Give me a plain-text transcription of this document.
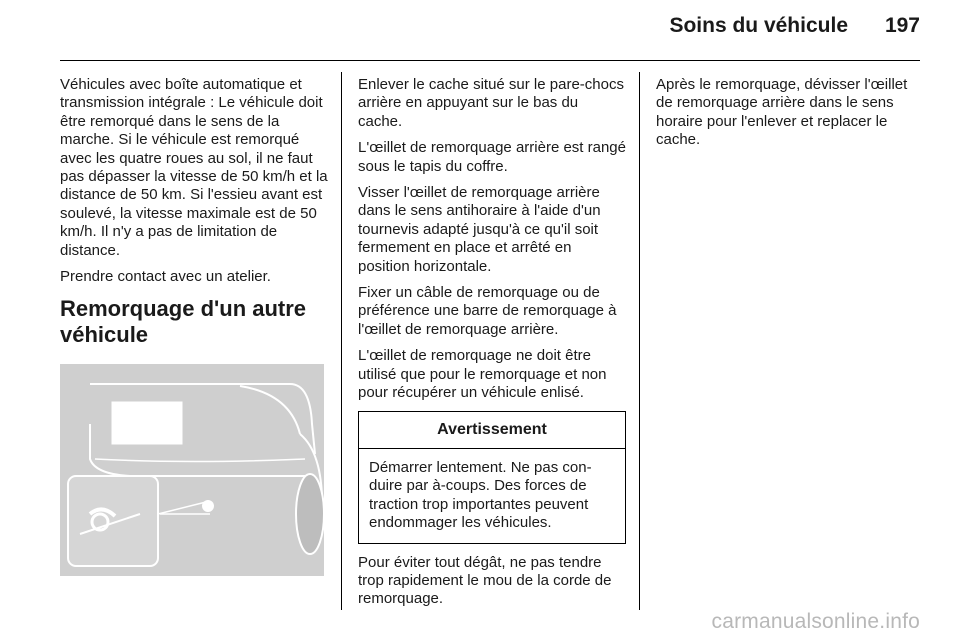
Soins du véhicule 197

Véhicules avec boîte automatique et transmission intégrale : Le véhicule doit être remorqué dans le sens de la marche. Si le véhicule est remorqué avec les quatre roues au sol, il ne faut pas dépasser la vitesse de 50 km/h et la distance de 50 km. Si l'essieu avant est soulevé, la vitesse maximale est de 50 km/h. Il n'y a pas de limitation de distance.

Prendre contact avec un atelier.

Remorquage d'un autre véhicule

Enlever le cache situé sur le pare-chocs arrière en appuyant sur le bas du cache.

L'œillet de remorquage arrière est rangé sous le tapis du coffre.

Visser l'œillet de remorquage arrière dans le sens antihoraire à l'aide d'un tournevis adapté jusqu'à ce qu'il soit fermement en place et arrêté en position horizontale.

Fixer un câble de remorquage ou de préférence une barre de remorquage à l'œillet de remorquage arrière.

L'œillet de remorquage ne doit être utilisé que pour le remorquage et non pour récupérer un véhicule enlisé.

Avertissement
Démarrer lentement. Ne pas conduire par à-coups. Des forces de traction trop importantes peuvent endommager les véhicules.

Pour éviter tout dégât, ne pas tendre trop rapidement le mou de la corde de remorquage.

Après le remorquage, dévisser l'œillet de remorquage arrière dans le sens horaire pour l'enlever et replacer le cache.

carmanualsonline.info
